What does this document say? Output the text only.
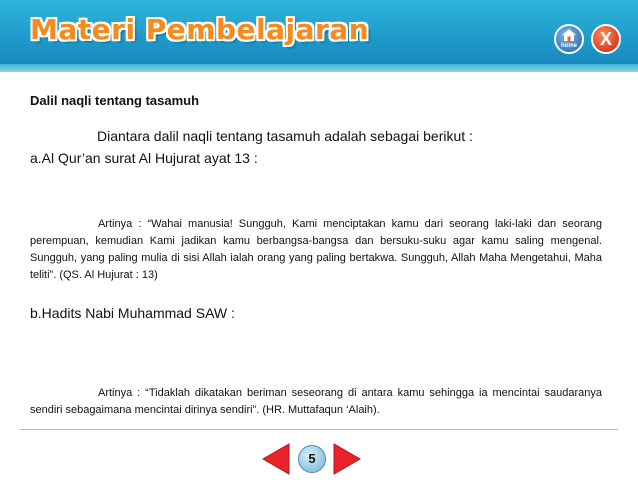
Materi Pembelajaran	home	X
Dalil naqli tentang tasamuh
Diantara dalil naqli tentang tasamuh adalah sebagai berikut :
a.Al Qur’an surat Al Hujurat ayat 13 :
Artinya : “Wahai manusia! Sungguh, Kami menciptakan kamu dari seorang laki-laki dan seorang perempuan, kemudian Kami jadikan kamu berbangsa-bangsa dan bersuku-suku agar kamu saling mengenal. Sungguh, yang paling mulia di sisi Allah ialah orang yang paling bertakwa. Sungguh, Allah Maha Mengetahui, Maha teliti”. (QS. Al Hujurat : 13)
b.Hadits Nabi Muhammad SAW :
Artinya : “Tidaklah dikatakan beriman seseorang di antara kamu sehingga ia mencintai saudaranya sendiri sebagaimana mencintai dirinya sendiri”. (HR. Muttafaqun ‘Alaih).
5
